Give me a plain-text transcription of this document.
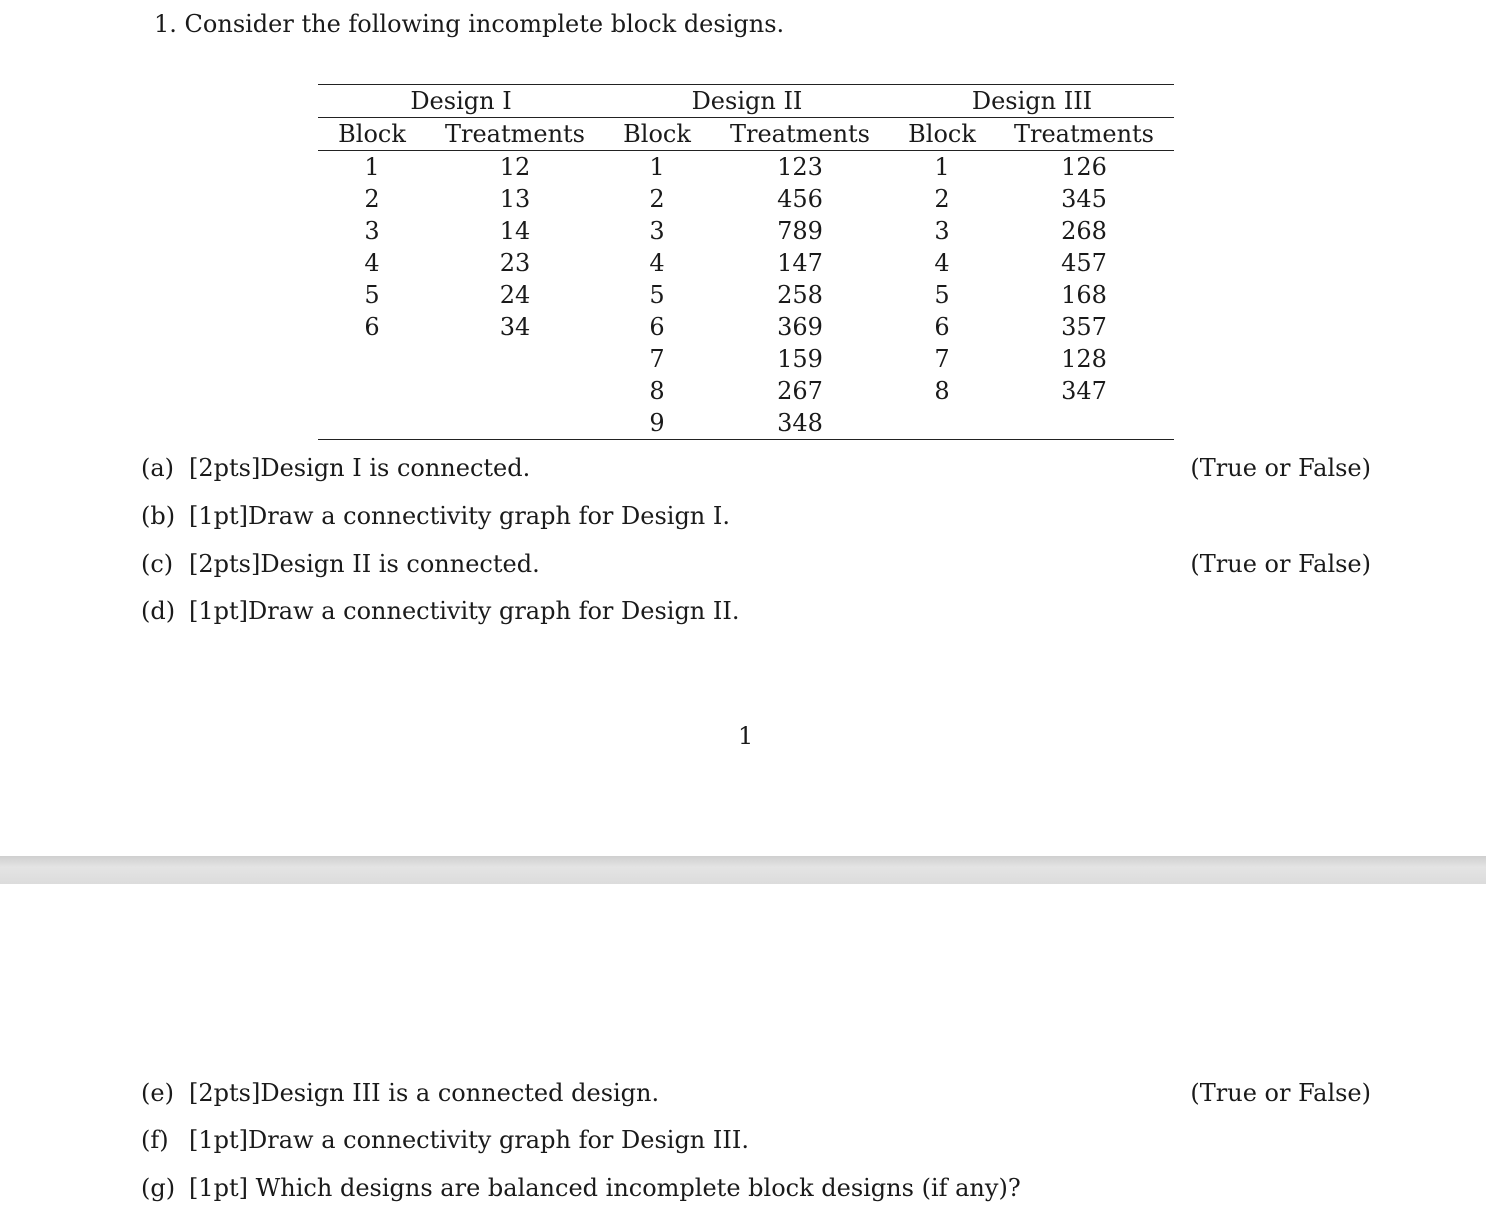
1. Consider the following incomplete block designs.
Design I		Design II		Design III	
Block	Treatments	Block	Treatments	Block	Treatments
1	12	1	123	1	126
2	13	2	456	2	345
3	14	3	789	3	268
4	23	4	147	4	457
5	24	5	258	5	168
6	34	6	369	6	357
		7	159	7	128
		8	267	8	347
		9	348		
(a) [2pts]Design I is connected.	(True or False)
(b) [1pt]Draw a connectivity graph for Design I.
(c) [2pts]Design II is connected.	(True or False)
(d) [1pt]Draw a connectivity graph for Design II.
(e) [2pts]Design III is a connected design.	(True or False)
(f) [1pt]Draw a connectivity graph for Design III.
(g) [1pt] Which designs are balanced incomplete block designs (if any)?
1
